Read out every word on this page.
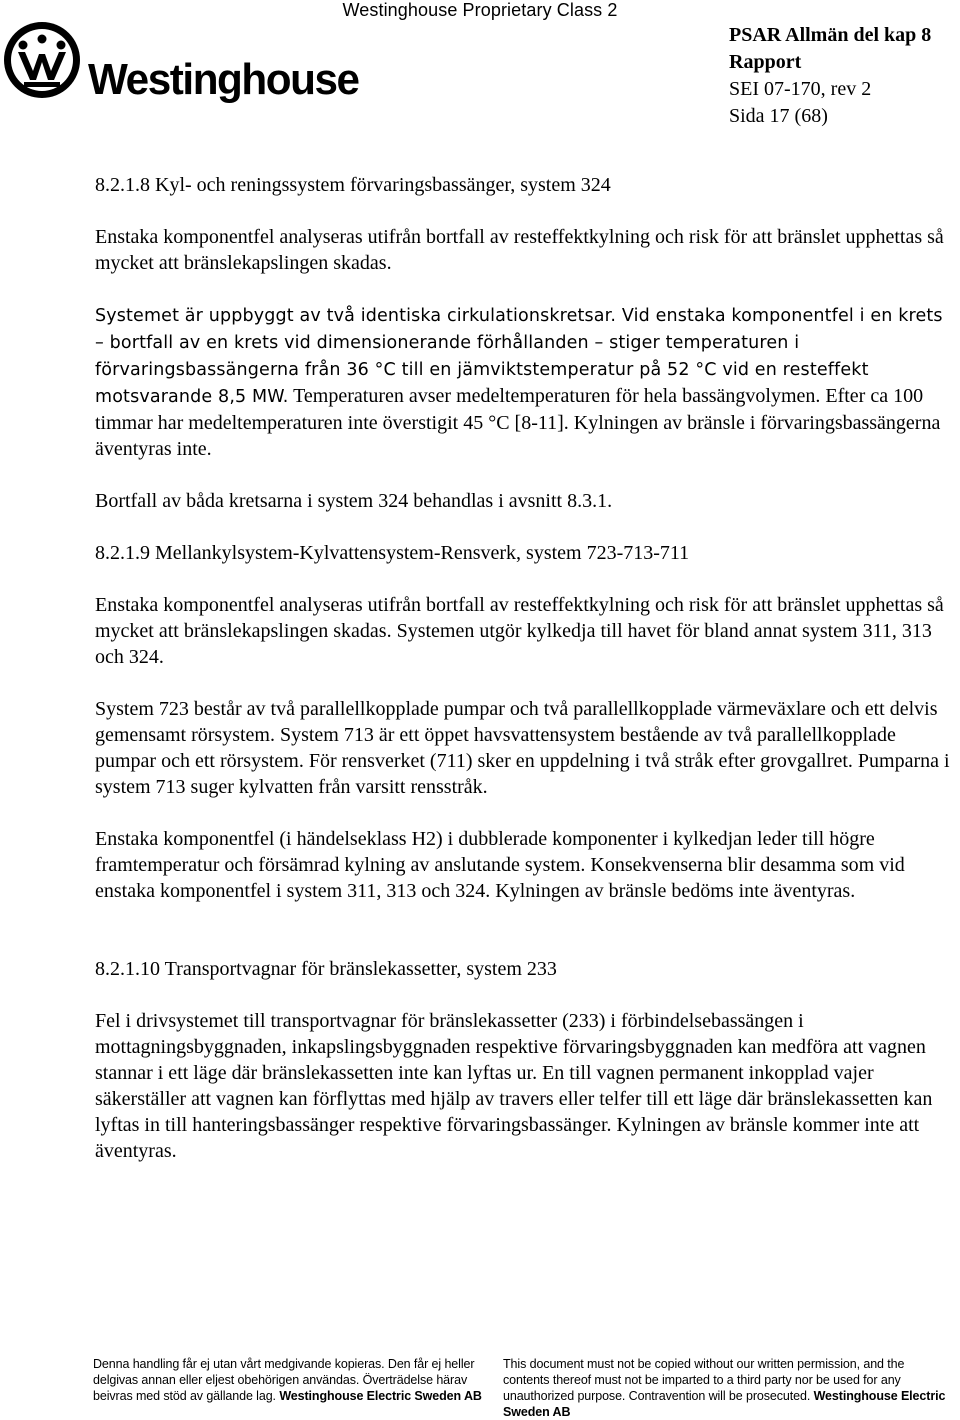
Westinghouse Proprietary Class 2
Westinghouse
PSAR Allmän del kap 8
Rapport
SEI 07-170, rev 2
Sida 17 (68)

8.2.1.8 Kyl- och reningssystem förvaringsbassänger, system 324

Enstaka komponentfel analyseras utifrån bortfall av resteffektkylning och risk för att bränslet upphettas så mycket att bränslekapslingen skadas.

Systemet är uppbyggt av två identiska cirkulationskretsar. Vid enstaka komponentfel i en krets – bortfall av en krets vid dimensionerande förhållanden – stiger temperaturen i förvaringsbassängerna från 36 °C till en jämviktstemperatur på 52 °C vid en resteffekt motsvarande 8,5 MW. Temperaturen avser medeltemperaturen för hela bassängvolymen. Efter ca 100 timmar har medeltemperaturen inte överstigit 45 °C [8-11]. Kylningen av bränsle i förvaringsbassängerna äventyras inte.

Bortfall av båda kretsarna i system 324 behandlas i avsnitt 8.3.1.

8.2.1.9 Mellankylsystem-Kylvattensystem-Rensverk, system 723-713-711

Enstaka komponentfel analyseras utifrån bortfall av resteffektkylning och risk för att bränslet upphettas så mycket att bränslekapslingen skadas. Systemen utgör kylkedja till havet för bland annat system 311, 313 och 324.

System 723 består av två parallellkopplade pumpar och två parallellkopplade värmeväxlare och ett delvis gemensamt rörsystem. System 713 är ett öppet havsvattensystem bestående av två parallellkopplade pumpar och ett rörsystem. För rensverket (711) sker en uppdelning i två stråk efter grovgallret. Pumparna i system 713 suger kylvatten från varsitt rensstråk.

Enstaka komponentfel (i händelseklass H2) i dubblerade komponenter i kylkedjan leder till högre framtemperatur och försämrad kylning av anslutande system. Konsekvenserna blir desamma som vid enstaka komponentfel i system 311, 313 och 324. Kylningen av bränsle bedöms inte äventyras.

8.2.1.10 Transportvagnar för bränslekassetter, system 233

Fel i drivsystemet till transportvagnar för bränslekassetter (233) i förbindelsebassängen i mottagningsbyggnaden, inkapslingsbyggnaden respektive förvaringsbyggnaden kan medföra att vagnen stannar i ett läge där bränslekassetten inte kan lyftas ur. En till vagnen permanent inkopplad vajer säkerställer att vagnen kan förflyttas med hjälp av travers eller telfer till ett läge där bränslekassetten kan lyftas in till hanteringsbassänger respektive förvaringsbassänger. Kylningen av bränsle kommer inte att äventyras.

Denna handling får ej utan vårt medgivande kopieras. Den får ej heller delgivas annan eller eljest obehörigen användas. Överträdelse härav beivras med stöd av gällande lag. Westinghouse Electric Sweden AB
This document must not be copied without our written permission, and the contents thereof must not be imparted to a third party nor be used for any unauthorized purpose. Contravention will be prosecuted. Westinghouse Electric Sweden AB
